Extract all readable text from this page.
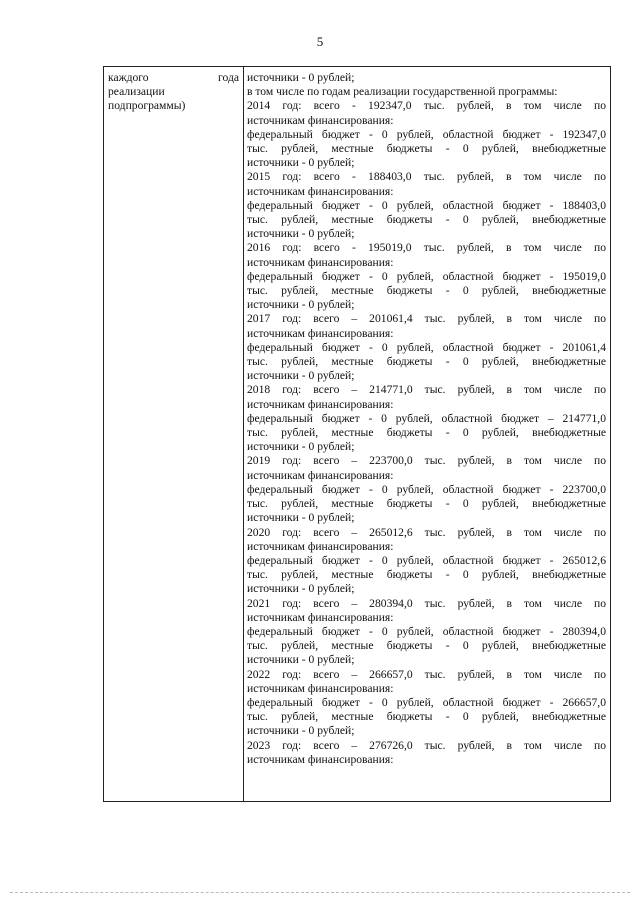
5
каждого	года
реализации
подпрограммы)
источники - 0 рублей;
в том числе по годам реализации государственной программы:
2014 год: всего - 192347,0 тыс. рублей, в том числе по
источникам финансирования:
федеральный бюджет - 0 рублей, областной бюджет - 192347,0
тыс. рублей, местные бюджеты - 0 рублей, внебюджетные
источники - 0 рублей;
2015 год: всего - 188403,0 тыс. рублей, в том числе по
источникам финансирования:
федеральный бюджет - 0 рублей, областной бюджет - 188403,0
тыс. рублей, местные бюджеты - 0 рублей, внебюджетные
источники - 0 рублей;
2016 год: всего - 195019,0 тыс. рублей, в том числе по
источникам финансирования:
федеральный бюджет - 0 рублей, областной бюджет - 195019,0
тыс. рублей, местные бюджеты - 0 рублей, внебюджетные
источники - 0 рублей;
2017 год: всего – 201061,4 тыс. рублей, в том числе по
источникам финансирования:
федеральный бюджет - 0 рублей, областной бюджет - 201061,4
тыс. рублей, местные бюджеты - 0 рублей, внебюджетные
источники - 0 рублей;
2018 год: всего – 214771,0 тыс. рублей, в том числе по
источникам финансирования:
федеральный бюджет - 0 рублей, областной бюджет – 214771,0
тыс. рублей, местные бюджеты - 0 рублей, внебюджетные
источники - 0 рублей;
2019 год: всего – 223700,0 тыс. рублей, в том числе по
источникам финансирования:
федеральный бюджет - 0 рублей, областной бюджет - 223700,0
тыс. рублей, местные бюджеты - 0 рублей, внебюджетные
источники - 0 рублей;
2020 год: всего – 265012,6 тыс. рублей, в том числе по
источникам финансирования:
федеральный бюджет - 0 рублей, областной бюджет - 265012,6
тыс. рублей, местные бюджеты - 0 рублей, внебюджетные
источники - 0 рублей;
2021 год: всего – 280394,0 тыс. рублей, в том числе по
источникам финансирования:
федеральный бюджет - 0 рублей, областной бюджет - 280394,0
тыс. рублей, местные бюджеты - 0 рублей, внебюджетные
источники - 0 рублей;
2022 год: всего – 266657,0 тыс. рублей, в том числе по
источникам финансирования:
федеральный бюджет - 0 рублей, областной бюджет - 266657,0
тыс. рублей, местные бюджеты - 0 рублей, внебюджетные
источники - 0 рублей;
2023 год: всего – 276726,0 тыс. рублей, в том числе по
источникам финансирования:
